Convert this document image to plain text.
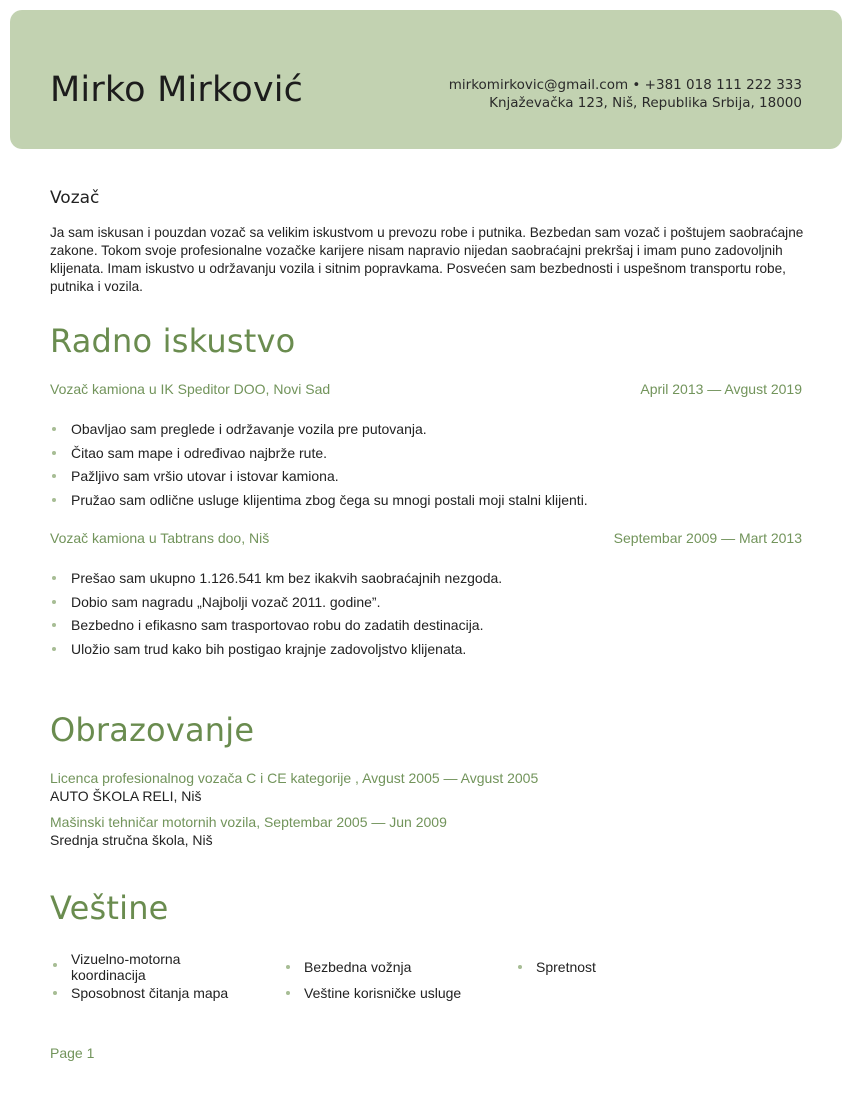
Mirko Mirković	mirkomirkovic@gmail.com • +381 018 111 222 333
Knjaževačka 123, Niš, Republika Srbija, 18000
Vozač
Ja sam iskusan i pouzdan vozač sa velikim iskustvom u prevozu robe i putnika. Bezbedan sam vozač i poštujem saobraćajne zakone. Tokom svoje profesionalne vozačke karijere nisam napravio nijedan saobraćajni prekršaj i imam puno zadovoljnih klijenata. Imam iskustvo u održavanju vozila i sitnim popravkama. Posvećen sam bezbednosti i uspešnom transportu robe, putnika i vozila.
Radno iskustvo
Vozač kamiona u IK Speditor DOO, Novi Sad	April 2013 — Avgust 2019
Obavljao sam preglede i održavanje vozila pre putovanja.
Čitao sam mape i određivao najbrže rute.
Pažljivo sam vršio utovar i istovar kamiona.
Pružao sam odlične usluge klijentima zbog čega su mnogi postali moji stalni klijenti.
Vozač kamiona u Tabtrans doo, Niš	Septembar 2009 — Mart 2013
Prešao sam ukupno 1.126.541 km bez ikakvih saobraćajnih nezgoda.
Dobio sam nagradu „Najbolji vozač 2011. godine”.
Bezbedno i efikasno sam trasportovao robu do zadatih destinacija.
Uložio sam trud kako bih postigao krajnje zadovoljstvo klijenata.
Obrazovanje
Licenca profesionalnog vozača C i CE kategorije , Avgust 2005 — Avgust 2005
AUTO ŠKOLA RELI, Niš
Mašinski tehničar motornih vozila, Septembar 2005 — Jun 2009
Srednja stručna škola, Niš
Veštine
Vizuelno-motorna koordinacija	Bezbedna vožnja	Spretnost
Sposobnost čitanja mapa	Veštine korisničke usluge
Page 1
